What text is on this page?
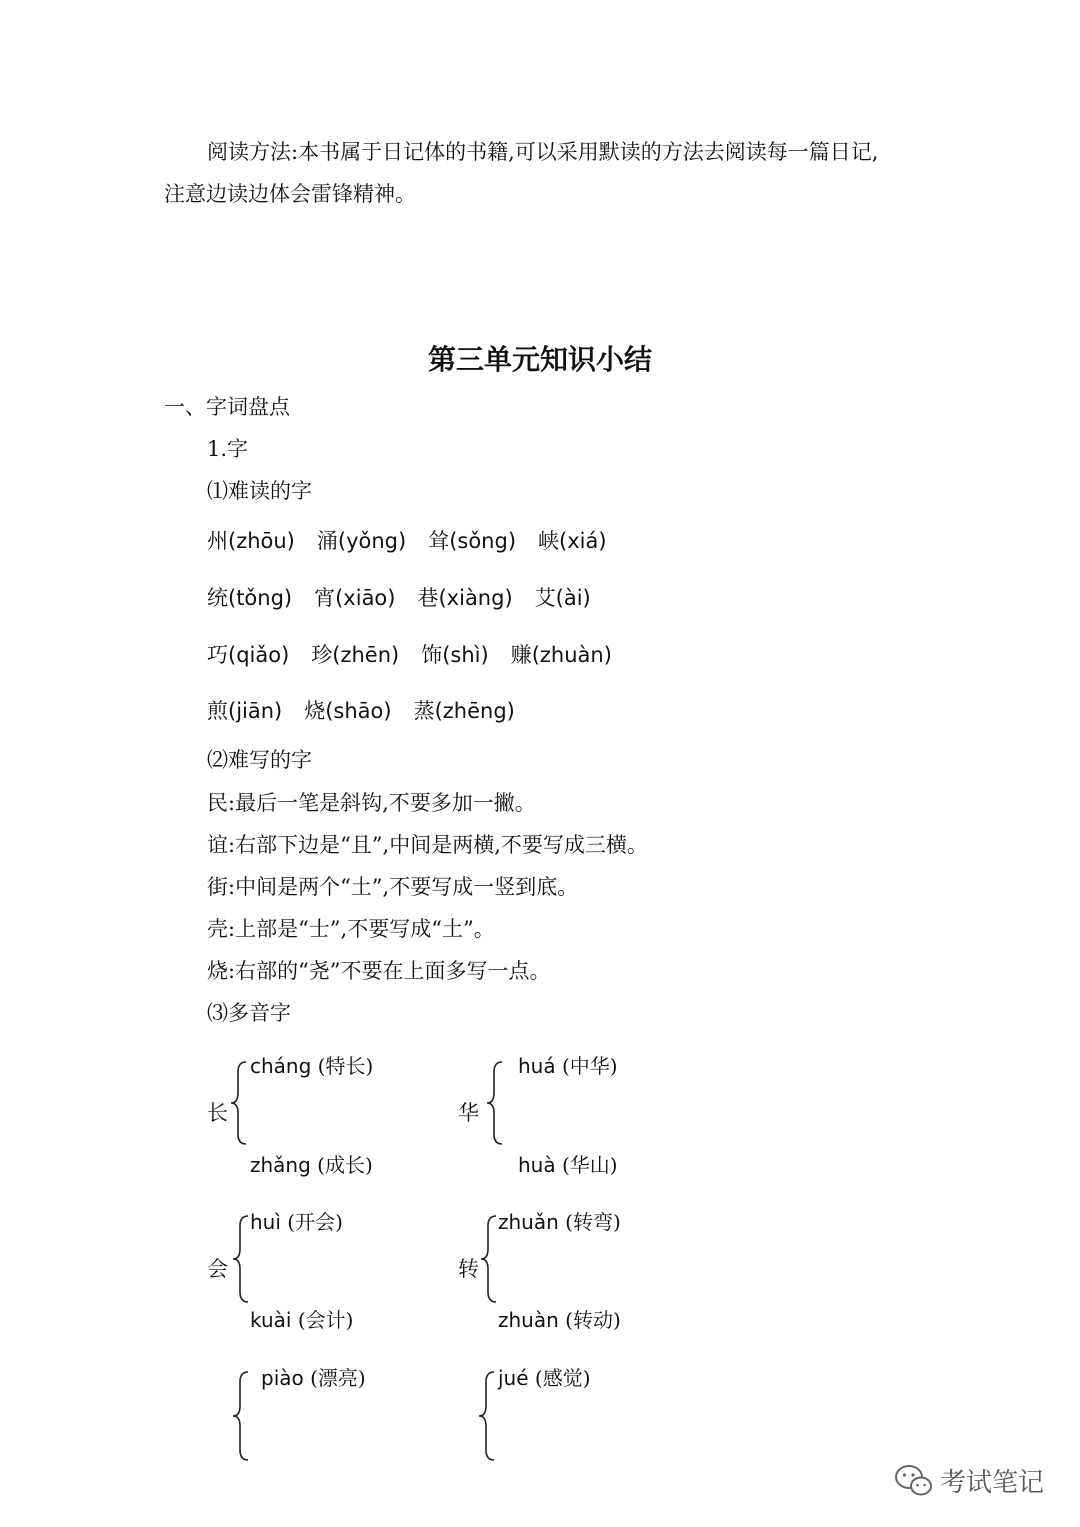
阅读方法:本书属于日记体的书籍,可以采用默读的方法去阅读每一篇日记,
注意边读边体会雷锋精神。
第三单元知识小结
一、字词盘点
1.字
⑴难读的字
州(zhōu) 涌(yǒng) 耸(sǒng) 峡(xiá)
统(tǒng) 宵(xiāo) 巷(xiàng) 艾(ài)
巧(qiǎo) 珍(zhēn) 饰(shì) 赚(zhuàn)
煎(jiān) 烧(shāo) 蒸(zhēng)
⑵难写的字
民:最后一笔是斜钩,不要多加一撇。
谊:右部下边是“且”,中间是两横,不要写成三横。
街:中间是两个“土”,不要写成一竖到底。
壳:上部是“士”,不要写成“土”。
烧:右部的“尧”不要在上面多写一点。
⑶多音字
长
cháng (特长)
zhǎng (成长)
华
huá (中华)
huà (华山)
会
huì (开会)
kuài (会计)
转
zhuǎn (转弯)
zhuàn (转动)
piào (漂亮)	jué (感觉)
考试笔记
